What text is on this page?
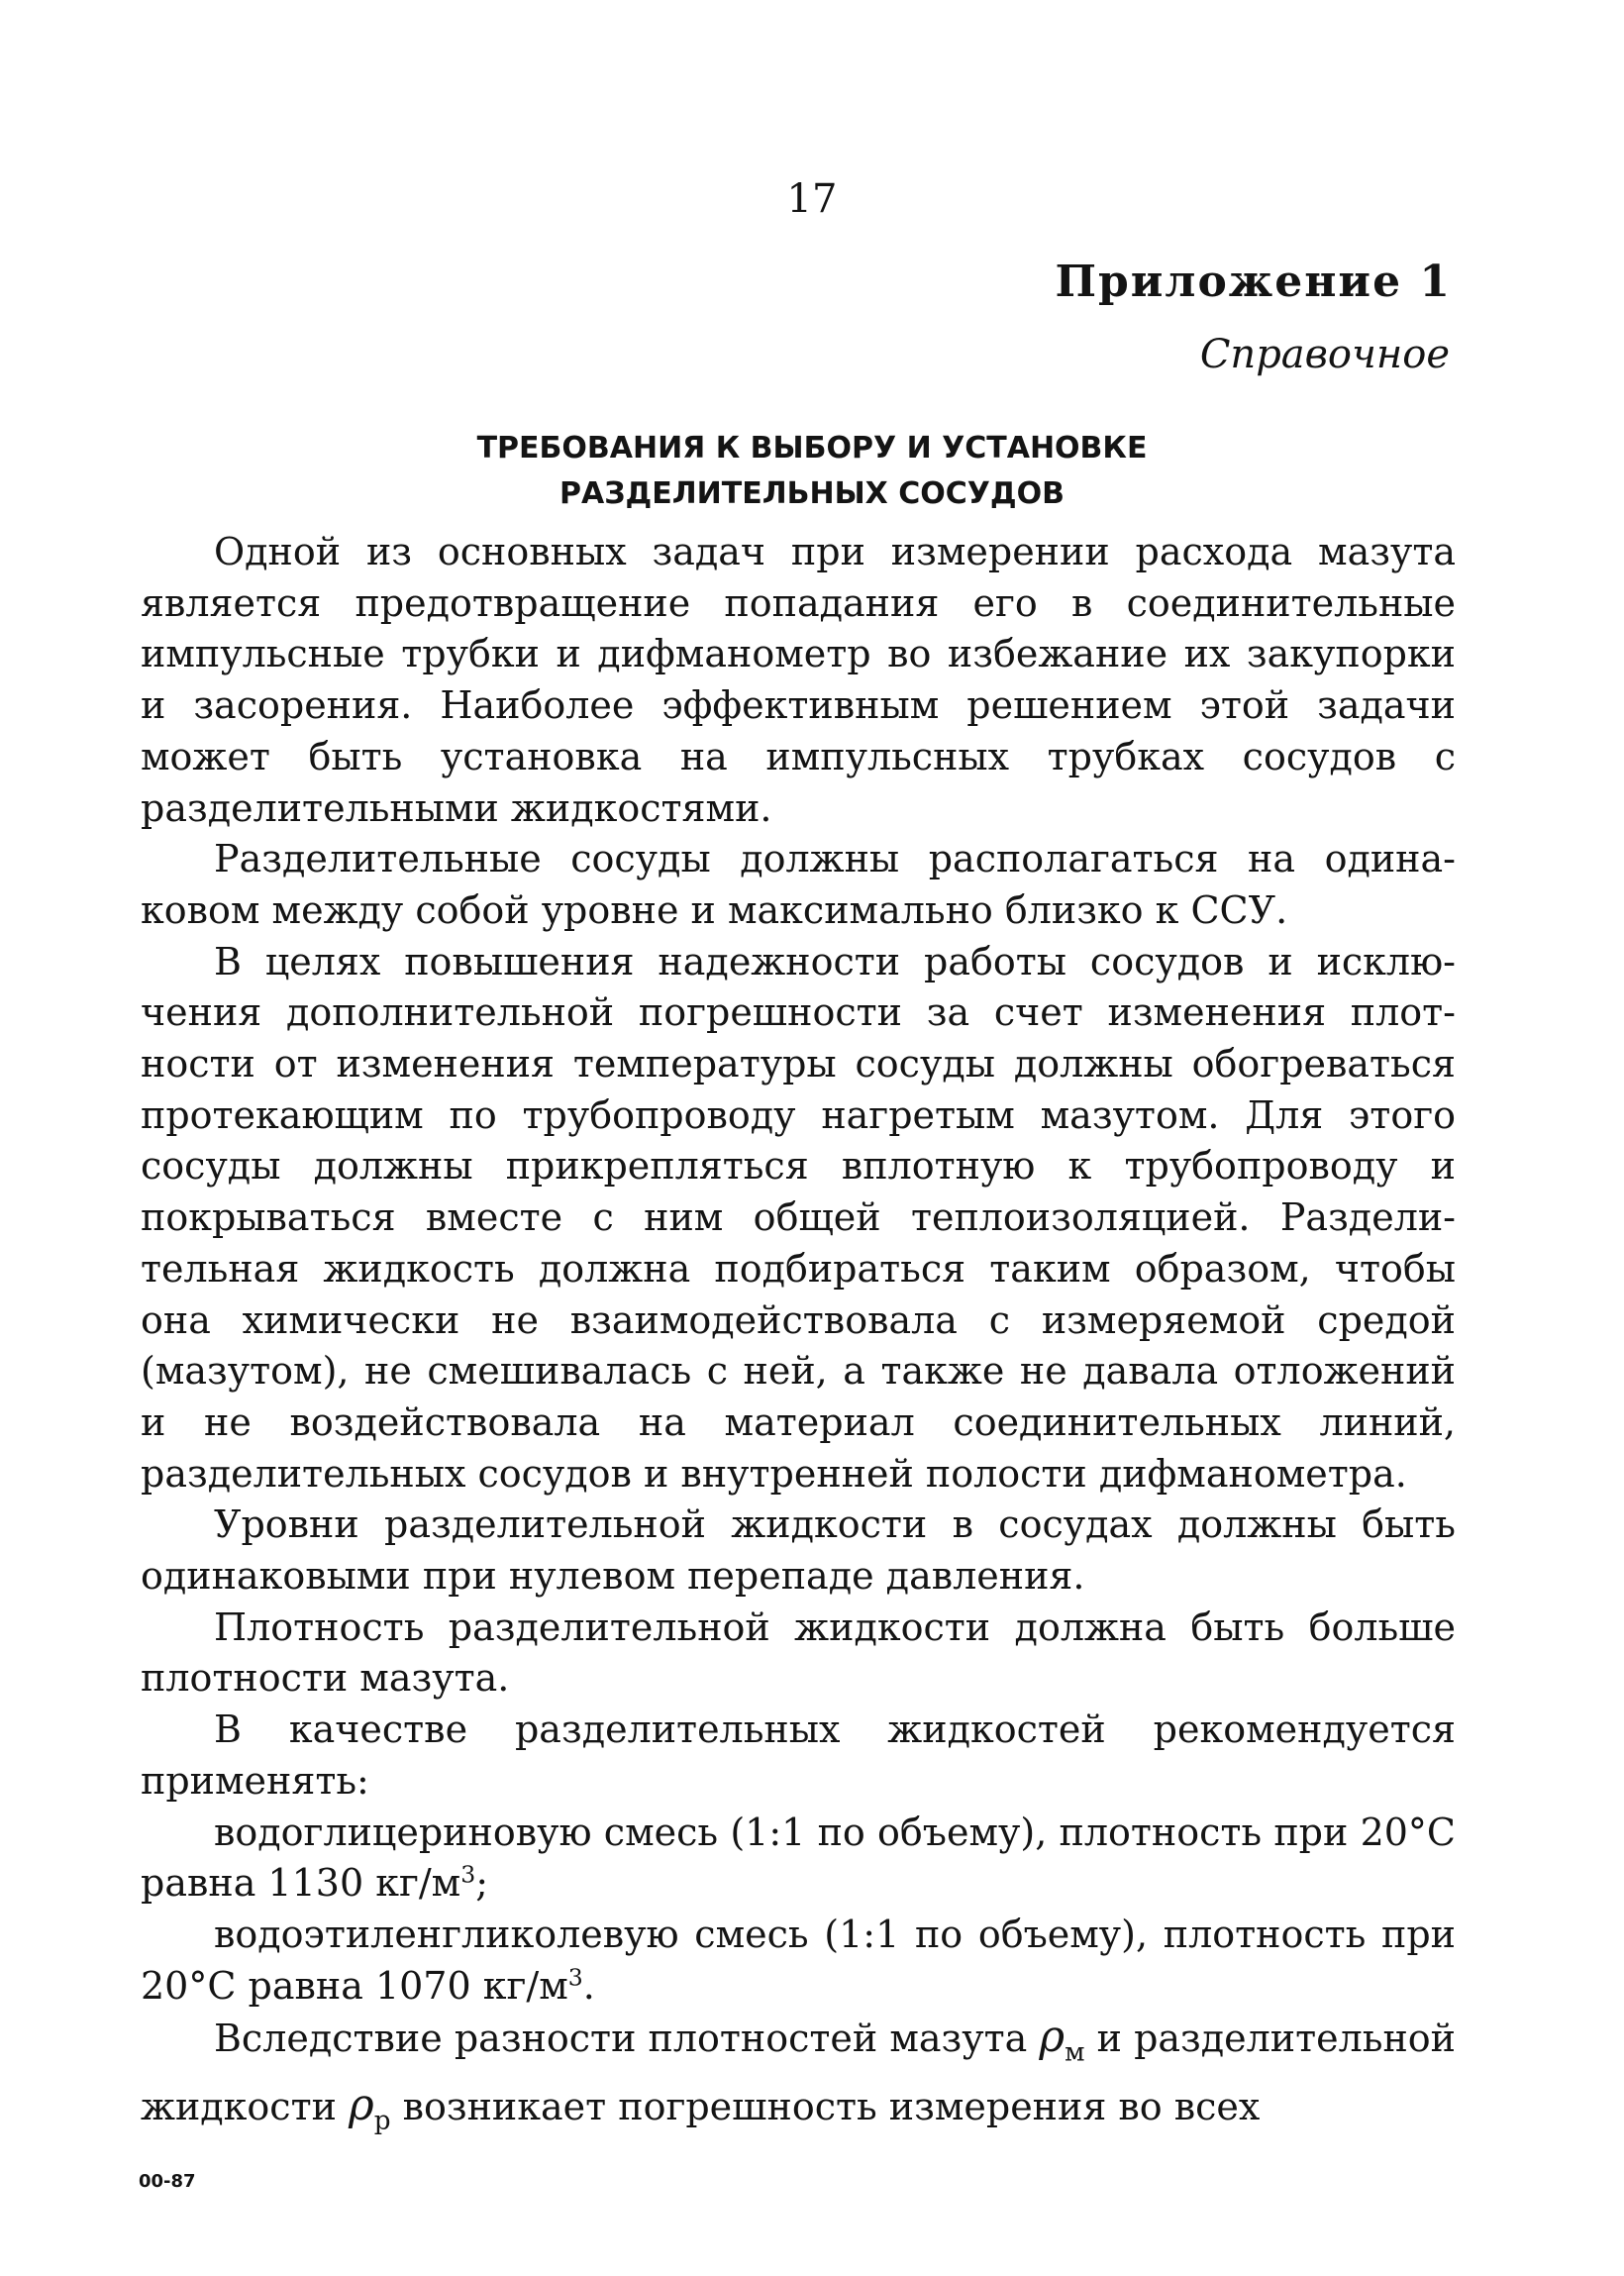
17
Приложение 1
Справочное
ТРЕБОВАНИЯ К ВЫБОРУ И УСТАНОВКЕ
РАЗДЕЛИТЕЛЬНЫХ СОСУДОВ

Одной из основных задач при измерении расхода мазута является предотвращение попадания его в соединительные импульсные трубки и дифманометр во избежание их закупорки и засорения. Наиболее эффективным решением этой задачи может быть установка на импульсных трубках сосудов с разделительными жидкостями.

Разделительные сосуды должны располагаться на одинаковом между собой уровне и максимально близко к ССУ.

В целях повышения надежности работы сосудов и исключения дополнительной погрешности за счет изменения плотности от изменения температуры сосуды должны обогреваться протекающим по трубопроводу нагретым мазутом. Для этого сосуды должны прикрепляться вплотную к трубопроводу и покрываться вместе с ним общей теплоизоляцией. Разделительная жидкость должна подбираться таким образом, чтобы она химически не взаимодействовала с измеряемой средой (мазутом), не смешивалась с ней, а также не давала отложений и не воздействовала на материал соединительных линий, разделительных сосудов и внутренней полости дифманометра.

Уровни разделительной жидкости в сосудах должны быть одинаковыми при нулевом перепаде давления.

Плотность разделительной жидкости должна быть больше плотности мазута.

В качестве разделительных жидкостей рекомендуется применять:

водоглицериновую смесь (1:1 по объему), плотность при 20°С равна 1130 $кг/м^3$;

водоэтиленгликолевую смесь (1:1 по объему), плотность при 20°С равна 1070 $кг/м^3$.

Вследствие разности плотностей мазута $\rho_м$ и разделительной жидкости $\rho_р$ возникает погрешность измерения во всех

00-87
